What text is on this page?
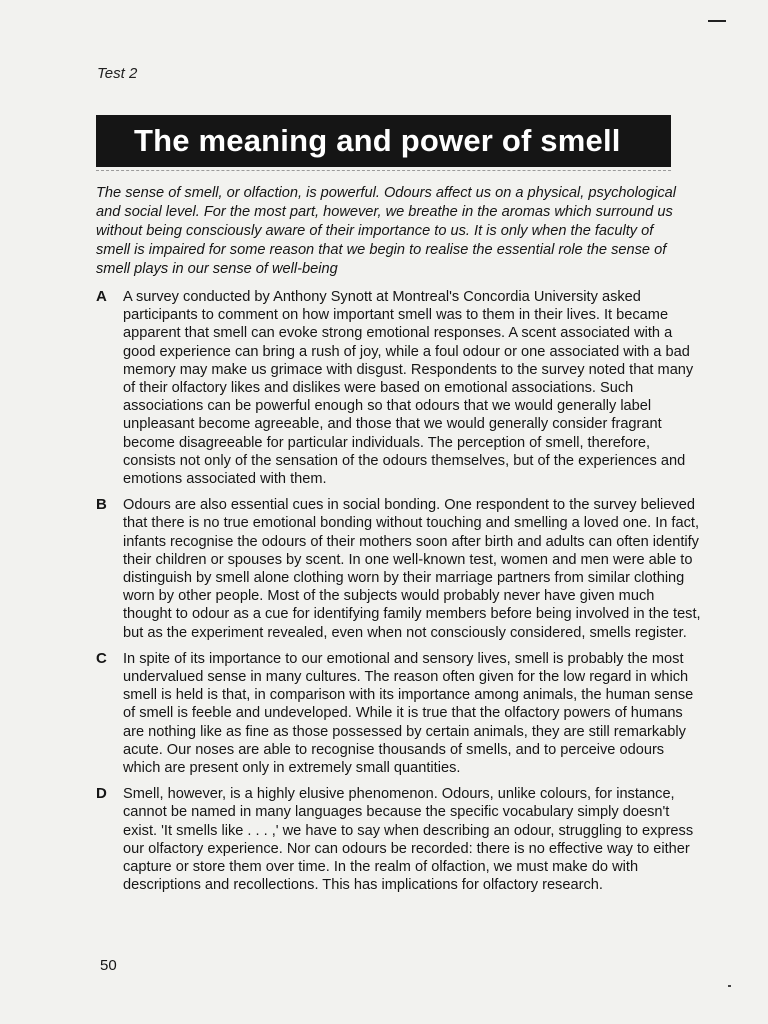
Test 2
The meaning and power of smell

The sense of smell, or olfaction, is powerful. Odours affect us on a physical, psychological and social level. For the most part, however, we breathe in the aromas which surround us without being consciously aware of their importance to us. It is only when the faculty of smell is impaired for some reason that we begin to realise the essential role the sense of smell plays in our sense of well-being

A	A survey conducted by Anthony Synott at Montreal's Concordia University asked participants to comment on how important smell was to them in their lives. It became apparent that smell can evoke strong emotional responses. A scent associated with a good experience can bring a rush of joy, while a foul odour or one associated with a bad memory may make us grimace with disgust. Respondents to the survey noted that many of their olfactory likes and dislikes were based on emotional associations. Such associations can be powerful enough so that odours that we would generally label unpleasant become agreeable, and those that we would generally consider fragrant become disagreeable for particular individuals. The perception of smell, therefore, consists not only of the sensation of the odours themselves, but of the experiences and emotions associated with them.

B	Odours are also essential cues in social bonding. One respondent to the survey believed that there is no true emotional bonding without touching and smelling a loved one. In fact, infants recognise the odours of their mothers soon after birth and adults can often identify their children or spouses by scent. In one well-known test, women and men were able to distinguish by smell alone clothing worn by their marriage partners from similar clothing worn by other people. Most of the subjects would probably never have given much thought to odour as a cue for identifying family members before being involved in the test, but as the experiment revealed, even when not consciously considered, smells register.

C	In spite of its importance to our emotional and sensory lives, smell is probably the most undervalued sense in many cultures. The reason often given for the low regard in which smell is held is that, in comparison with its importance among animals, the human sense of smell is feeble and undeveloped. While it is true that the olfactory powers of humans are nothing like as fine as those possessed by certain animals, they are still remarkably acute. Our noses are able to recognise thousands of smells, and to perceive odours which are present only in extremely small quantities.

D	Smell, however, is a highly elusive phenomenon. Odours, unlike colours, for instance, cannot be named in many languages because the specific vocabulary simply doesn't exist. 'It smells like . . . ,' we have to say when describing an odour, struggling to express our olfactory experience. Nor can odours be recorded: there is no effective way to either capture or store them over time. In the realm of olfaction, we must make do with descriptions and recollections. This has implications for olfactory research.

50
